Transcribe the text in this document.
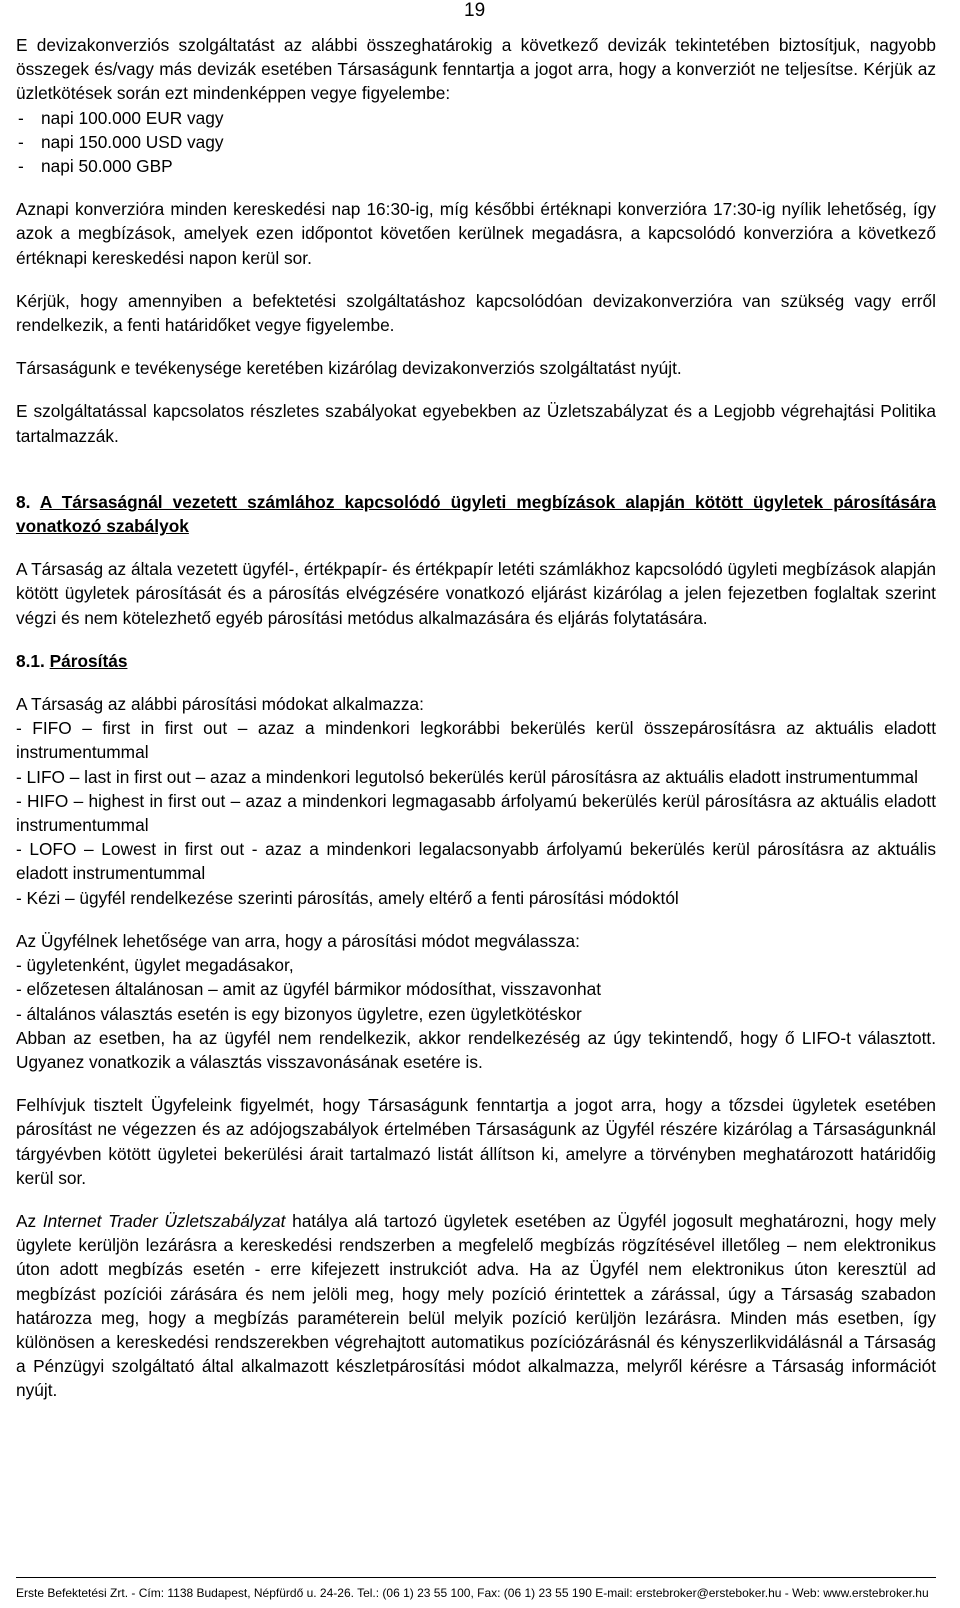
19

E devizakonverziós szolgáltatást az alábbi összeghatárokig a következő devizák tekintetében biztosítjuk, nagyobb összegek és/vagy más devizák esetében Társaságunk fenntartja a jogot arra, hogy a konverziót ne teljesítse. Kérjük az üzletkötések során ezt mindenképpen vegye figyelembe:

- napi 100.000 EUR vagy
- napi 150.000 USD vagy
- napi 50.000 GBP

Aznapi konverzióra minden kereskedési nap 16:30-ig, míg későbbi értéknapi konverzióra 17:30-ig nyílik lehetőség, így azok a megbízások, amelyek ezen időpontot követően kerülnek megadásra, a kapcsolódó konverzióra a következő értéknapi kereskedési napon kerül sor.

Kérjük, hogy amennyiben a befektetési szolgáltatáshoz kapcsolódóan devizakonverzióra van szükség vagy erről rendelkezik, a fenti határidőket vegye figyelembe.

Társaságunk e tevékenysége keretében kizárólag devizakonverziós szolgáltatást nyújt.

E szolgáltatással kapcsolatos részletes szabályokat egyebekben az Üzletszabályzat és a Legjobb végrehajtási Politika tartalmazzák.

8. A Társaságnál vezetett számlához kapcsolódó ügyleti megbízások alapján kötött ügyletek párosítására vonatkozó szabályok

A Társaság az általa vezetett ügyfél-, értékpapír- és értékpapír letéti számlákhoz kapcsolódó ügyleti megbízások alapján kötött ügyletek párosítását és a párosítás elvégzésére vonatkozó eljárást kizárólag a jelen fejezetben foglaltak szerint végzi és nem kötelezhető egyéb párosítási metódus alkalmazására és eljárás folytatására.

8.1. Párosítás

A Társaság az alábbi párosítási módokat alkalmazza:

- FIFO – first in first out – azaz a mindenkori legkorábbi bekerülés kerül összepárosításra az aktuális eladott instrumentummal

- LIFO – last in first out – azaz a mindenkori legutolsó bekerülés kerül párosításra az aktuális eladott instrumentummal

- HIFO – highest in first out – azaz a mindenkori legmagasabb árfolyamú bekerülés kerül párosításra az aktuális eladott instrumentummal

- LOFO – Lowest in first out - azaz a mindenkori legalacsonyabb árfolyamú bekerülés kerül párosításra az aktuális eladott instrumentummal

- Kézi – ügyfél rendelkezése szerinti párosítás, amely eltérő a fenti párosítási módoktól

Az Ügyfélnek lehetősége van arra, hogy a párosítási módot megválassza:

- ügyletenként, ügylet megadásakor,

- előzetesen általánosan – amit az ügyfél bármikor módosíthat, visszavonhat

- általános választás esetén is egy bizonyos ügyletre, ezen ügyletkötéskor

Abban az esetben, ha az ügyfél nem rendelkezik, akkor rendelkezéség az úgy tekintendő, hogy ő LIFO-t választott. Ugyanez vonatkozik a választás visszavonásának esetére is.

Felhívjuk tisztelt Ügyfeleink figyelmét, hogy Társaságunk fenntartja a jogot arra, hogy a tőzsdei ügyletek esetében párosítást ne végezzen és az adójogszabályok értelmében Társaságunk az Ügyfél részére kizárólag a Társaságunknál tárgyévben kötött ügyletei bekerülési árait tartalmazó listát állítson ki, amelyre a törvényben meghatározott határidőig kerül sor.

Az Internet Trader Üzletszabályzat hatálya alá tartozó ügyletek esetében az Ügyfél jogosult meghatározni, hogy mely ügylete kerüljön lezárásra a kereskedési rendszerben a megfelelő megbízás rögzítésével illetőleg – nem elektronikus úton adott megbízás esetén - erre kifejezett instrukciót adva. Ha az Ügyfél nem elektronikus úton keresztül ad megbízást pozíciói zárására és nem jelöli meg, hogy mely pozíció érintettek a zárással, úgy a Társaság szabadon határozza meg, hogy a megbízás paraméterein belül melyik pozíció kerüljön lezárásra. Minden más esetben, így különösen a kereskedési rendszerekben végrehajtott automatikus pozíciózárásnál és kényszerlikvidálásnál a Társaság a Pénzügyi szolgáltató által alkalmazott készletpárosítási módot alkalmazza, melyről kérésre a Társaság információt nyújt.

Erste Befektetési Zrt. - Cím: 1138 Budapest, Népfürdő u. 24-26. Tel.: (06 1) 23 55 100, Fax: (06 1) 23 55 190 E-mail: erstebroker@ersteboker.hu - Web: www.erstebroker.hu
